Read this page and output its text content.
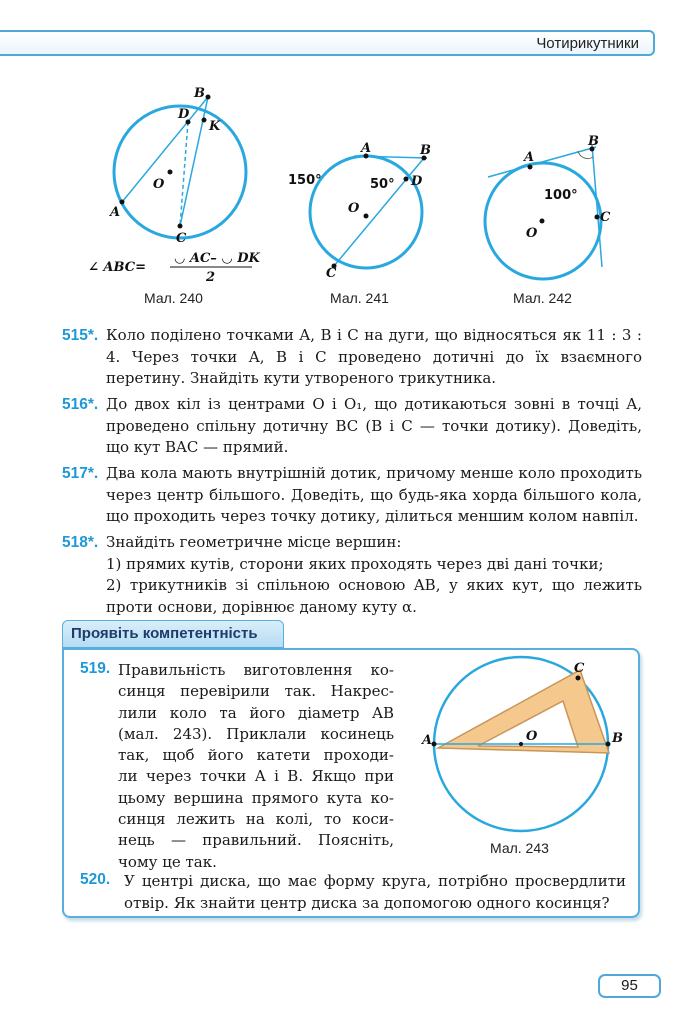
Чотирикутники
B
D
K
O
A
C
∠ ABC=
◡ AC– ◡ DK
2
Мал. 240
A	B
D
O
C
150°	50°
Мал. 241
A
B
C
O
100°
Мал. 242
515*. Коло поділено точками A, B і C на дуги, що відносяться як 11 : 3 : 4. Через точки A, B і C проведено дотичні до їх взаємного перетину. Знайдіть кути утвореного трикутника.
516*. До двох кіл із центрами O і O₁, що дотикаються зовні в точці A, проведено спільну дотичну BC (B і C — точки дотику). Доведіть, що кут BAC — прямий.
517*. Два кола мають внутрішній дотик, причому менше коло проходить через центр більшого. Доведіть, що будь-яка хорда більшого кола, що проходить через точку дотику, ділиться меншим колом навпіл.
518*. Знайдіть геометричне місце вершин:
1) прямих кутів, сторони яких проходять через дві дані точки;
2) трикутників зі спільною основою AB, у яких кут, що лежить проти основи, дорівнює даному куту α.
Проявіть компетентність
519. Правильність виготовлення ко-
синця перевірили так. Накрес-
лили коло та його діаметр AB
(мал. 243). Приклали косинець
так, щоб його катети проходи-
ли через точки A і B. Якщо при
цьому вершина прямого кута ко-
синця лежить на колі, то коси-
нець — правильний. Поясніть,
чому це так.
A	B
C
O
Мал. 243
520. У центрі диска, що має форму круга, потрібно просвердлити отвір. Як знайти центр диска за допомогою одного косинця?
95
